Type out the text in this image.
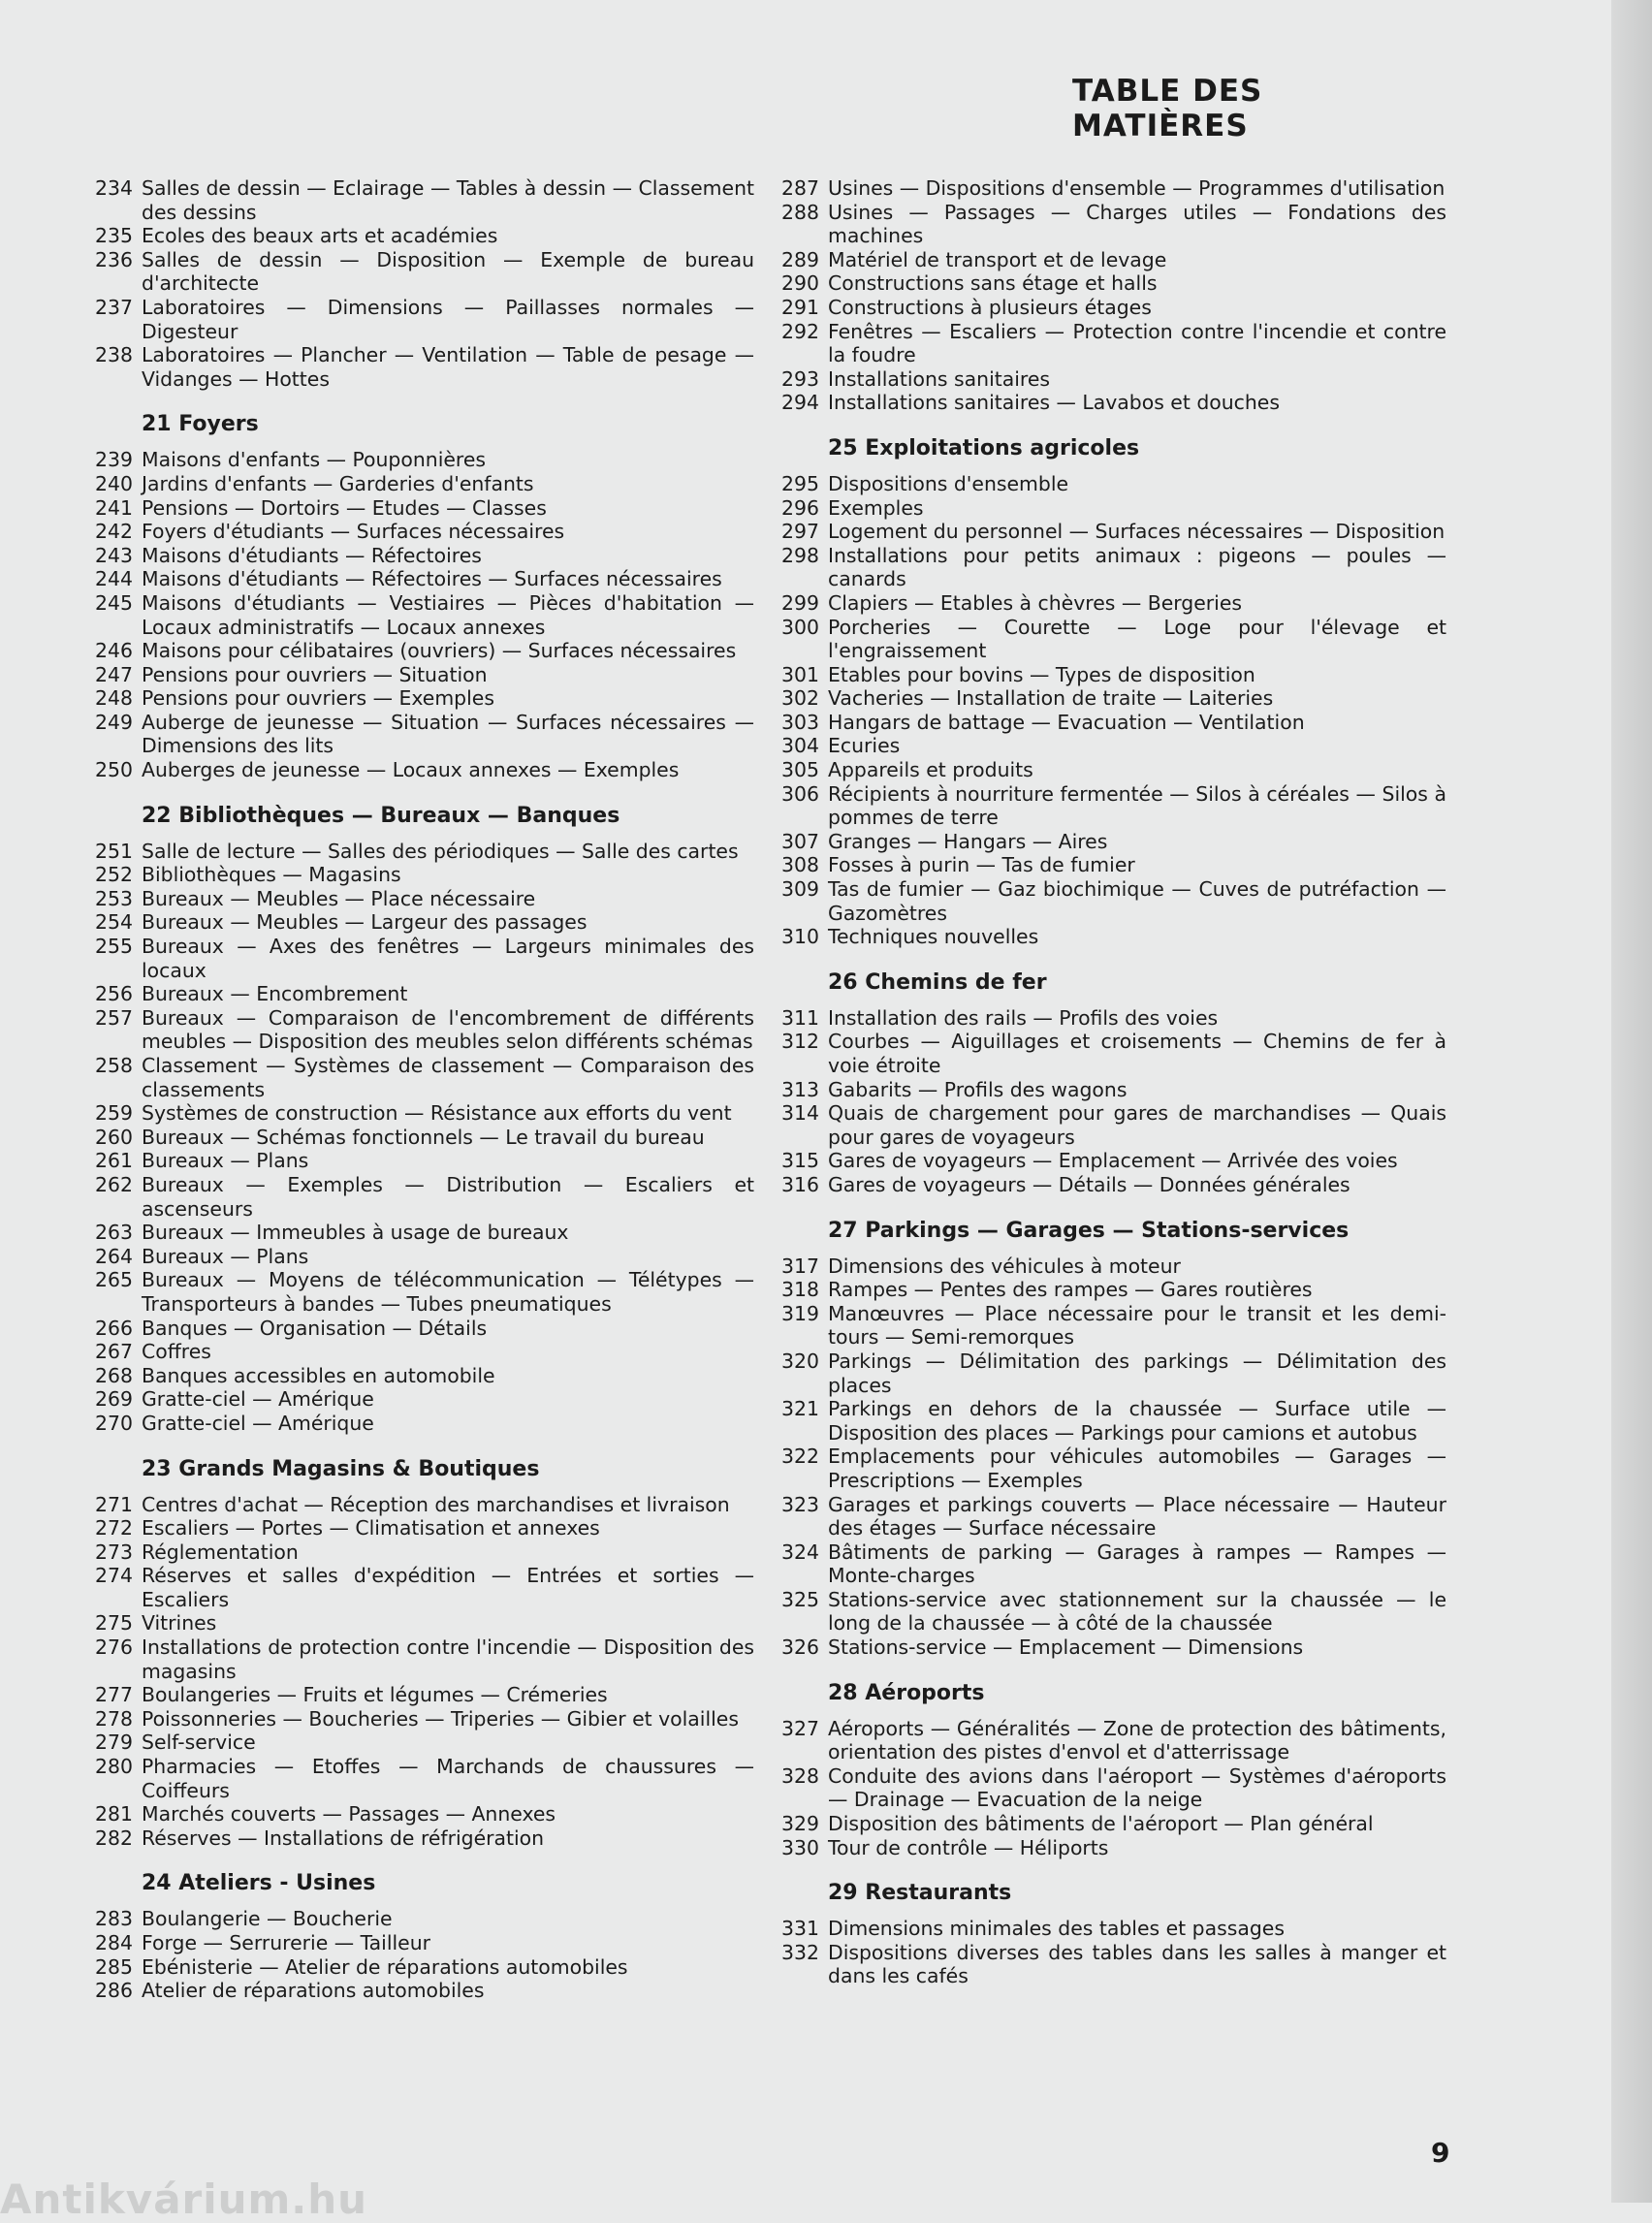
TABLE DES MATIÈRES
234 Salles de dessin — Eclairage — Tables à dessin — Classement des dessins
235 Ecoles des beaux arts et académies
236 Salles de dessin — Disposition — Exemple de bureau d'architecte
237 Laboratoires — Dimensions — Paillasses normales — Digesteur
238 Laboratoires — Plancher — Ventilation — Table de pesage — Vidanges — Hottes
21 Foyers
239 Maisons d'enfants — Pouponnières
240 Jardins d'enfants — Garderies d'enfants
241 Pensions — Dortoirs — Etudes — Classes
242 Foyers d'étudiants — Surfaces nécessaires
243 Maisons d'étudiants — Réfectoires
244 Maisons d'étudiants — Réfectoires — Surfaces nécessaires
245 Maisons d'étudiants — Vestiaires — Pièces d'habitation — Locaux administratifs — Locaux annexes
246 Maisons pour célibataires (ouvriers) — Surfaces nécessaires
247 Pensions pour ouvriers — Situation
248 Pensions pour ouvriers — Exemples
249 Auberge de jeunesse — Situation — Surfaces nécessaires — Dimensions des lits
250 Auberges de jeunesse — Locaux annexes — Exemples
22 Bibliothèques — Bureaux — Banques
251 Salle de lecture — Salles des périodiques — Salle des cartes
252 Bibliothèques — Magasins
253 Bureaux — Meubles — Place nécessaire
254 Bureaux — Meubles — Largeur des passages
255 Bureaux — Axes des fenêtres — Largeurs minimales des locaux
256 Bureaux — Encombrement
257 Bureaux — Comparaison de l'encombrement de différents meubles — Disposition des meubles selon différents schémas
258 Classement — Systèmes de classement — Comparaison des classements
259 Systèmes de construction — Résistance aux efforts du vent
260 Bureaux — Schémas fonctionnels — Le travail du bureau
261 Bureaux — Plans
262 Bureaux — Exemples — Distribution — Escaliers et ascenseurs
263 Bureaux — Immeubles à usage de bureaux
264 Bureaux — Plans
265 Bureaux — Moyens de télécommunication — Télétypes — Transporteurs à bandes — Tubes pneumatiques
266 Banques — Organisation — Détails
267 Coffres
268 Banques accessibles en automobile
269 Gratte-ciel — Amérique
270 Gratte-ciel — Amérique
23 Grands Magasins & Boutiques
271 Centres d'achat — Réception des marchandises et livraison
272 Escaliers — Portes — Climatisation et annexes
273 Réglementation
274 Réserves et salles d'expédition — Entrées et sorties — Escaliers
275 Vitrines
276 Installations de protection contre l'incendie — Disposition des magasins
277 Boulangeries — Fruits et légumes — Crémeries
278 Poissonneries — Boucheries — Triperies — Gibier et volailles
279 Self-service
280 Pharmacies — Etoffes — Marchands de chaussures — Coiffeurs
281 Marchés couverts — Passages — Annexes
282 Réserves — Installations de réfrigération
24 Ateliers - Usines
283 Boulangerie — Boucherie
284 Forge — Serrurerie — Tailleur
285 Ebénisterie — Atelier de réparations automobiles
286 Atelier de réparations automobiles
287 Usines — Dispositions d'ensemble — Programmes d'utilisation
288 Usines — Passages — Charges utiles — Fondations des machines
289 Matériel de transport et de levage
290 Constructions sans étage et halls
291 Constructions à plusieurs étages
292 Fenêtres — Escaliers — Protection contre l'incendie et contre la foudre
293 Installations sanitaires
294 Installations sanitaires — Lavabos et douches
25 Exploitations agricoles
295 Dispositions d'ensemble
296 Exemples
297 Logement du personnel — Surfaces nécessaires — Disposition
298 Installations pour petits animaux : pigeons — poules — canards
299 Clapiers — Etables à chèvres — Bergeries
300 Porcheries — Courette — Loge pour l'élevage et l'engraissement
301 Etables pour bovins — Types de disposition
302 Vacheries — Installation de traite — Laiteries
303 Hangars de battage — Evacuation — Ventilation
304 Ecuries
305 Appareils et produits
306 Récipients à nourriture fermentée — Silos à céréales — Silos à pommes de terre
307 Granges — Hangars — Aires
308 Fosses à purin — Tas de fumier
309 Tas de fumier — Gaz biochimique — Cuves de putréfaction — Gazomètres
310 Techniques nouvelles
26 Chemins de fer
311 Installation des rails — Profils des voies
312 Courbes — Aiguillages et croisements — Chemins de fer à voie étroite
313 Gabarits — Profils des wagons
314 Quais de chargement pour gares de marchandises — Quais pour gares de voyageurs
315 Gares de voyageurs — Emplacement — Arrivée des voies
316 Gares de voyageurs — Détails — Données générales
27 Parkings — Garages — Stations-services
317 Dimensions des véhicules à moteur
318 Rampes — Pentes des rampes — Gares routières
319 Manœuvres — Place nécessaire pour le transit et les demi-tours — Semi-remorques
320 Parkings — Délimitation des parkings — Délimitation des places
321 Parkings en dehors de la chaussée — Surface utile — Disposition des places — Parkings pour camions et autobus
322 Emplacements pour véhicules automobiles — Garages — Prescriptions — Exemples
323 Garages et parkings couverts — Place nécessaire — Hauteur des étages — Surface nécessaire
324 Bâtiments de parking — Garages à rampes — Rampes — Monte-charges
325 Stations-service avec stationnement sur la chaussée — le long de la chaussée — à côté de la chaussée
326 Stations-service — Emplacement — Dimensions
28 Aéroports
327 Aéroports — Généralités — Zone de protection des bâtiments, orientation des pistes d'envol et d'atterrissage
328 Conduite des avions dans l'aéroport — Systèmes d'aéroports — Drainage — Evacuation de la neige
329 Disposition des bâtiments de l'aéroport — Plan général
330 Tour de contrôle — Héliports
29 Restaurants
331 Dimensions minimales des tables et passages
332 Dispositions diverses des tables dans les salles à manger et dans les cafés
9
Antikvárium.hu
